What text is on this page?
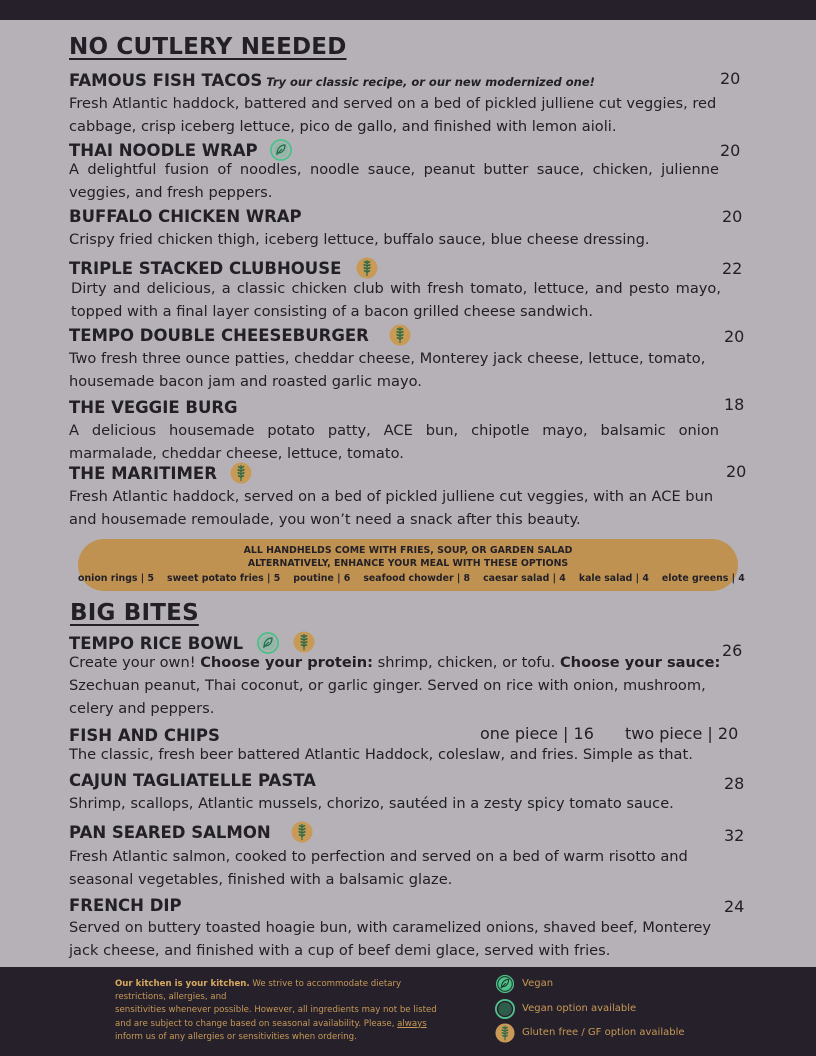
NO CUTLERY NEEDED
FAMOUS FISH TACOS Try our classic recipe, or our new modernized one!	20
Fresh Atlantic haddock, battered and served on a bed of pickled julliene cut veggies, red cabbage, crisp iceberg lettuce, pico de gallo, and finished with lemon aioli.
THAI NOODLE WRAP	20
A delightful fusion of noodles, noodle sauce, peanut butter sauce, chicken, julienne veggies, and fresh peppers.
BUFFALO CHICKEN WRAP	20
Crispy fried chicken thigh, iceberg lettuce, buffalo sauce, blue cheese dressing.
TRIPLE STACKED CLUBHOUSE	22
Dirty and delicious, a classic chicken club with fresh tomato, lettuce, and pesto mayo, topped with a final layer consisting of a bacon grilled cheese sandwich.
TEMPO DOUBLE CHEESEBURGER	20
Two fresh three ounce patties, cheddar cheese, Monterey jack cheese, lettuce, tomato, housemade bacon jam and roasted garlic mayo.
THE VEGGIE BURG	18
A delicious housemade potato patty, ACE bun, chipotle mayo, balsamic onion marmalade, cheddar cheese, lettuce, tomato.
THE MARITIMER	20
Fresh Atlantic haddock, served on a bed of pickled julliene cut veggies, with an ACE bun and housemade remoulade, you won’t need a snack after this beauty.
ALL HANDHELDS COME WITH FRIES, SOUP, OR GARDEN SALAD
ALTERNATIVELY, ENHANCE YOUR MEAL WITH THESE OPTIONS
onion rings | 5    sweet potato fries | 5    poutine | 6    seafood chowder | 8    caesar salad | 4    kale salad | 4    elote greens | 4
BIG BITES
TEMPO RICE BOWL	26
Create your own! Choose your protein: shrimp, chicken, or tofu. Choose your sauce: Szechuan peanut, Thai coconut, or garlic ginger. Served on rice with onion, mushroom, celery and peppers.
FISH AND CHIPS	one piece | 16 two piece | 20
The classic, fresh beer battered Atlantic Haddock, coleslaw, and fries. Simple as that.
CAJUN TAGLIATELLE PASTA	28
Shrimp, scallops, Atlantic mussels, chorizo, sautéed in a zesty spicy tomato sauce.
PAN SEARED SALMON	32
Fresh Atlantic salmon, cooked to perfection and served on a bed of warm risotto and seasonal vegetables, finished with a balsamic glaze.
FRENCH DIP	24
Served on buttery toasted hoagie bun, with caramelized onions, shaved beef, Monterey jack cheese, and finished with a cup of beef demi glace, served with fries.
Our kitchen is your kitchen. We strive to accommodate dietary restrictions, allergies, and
sensitivities whenever possible. However, all ingredients may not be listed and are subject to change based on seasonal availability. Please, always inform us of any allergies or sensitivities when ordering.
Vegan
Vegan option available
Gluten free / GF option available
